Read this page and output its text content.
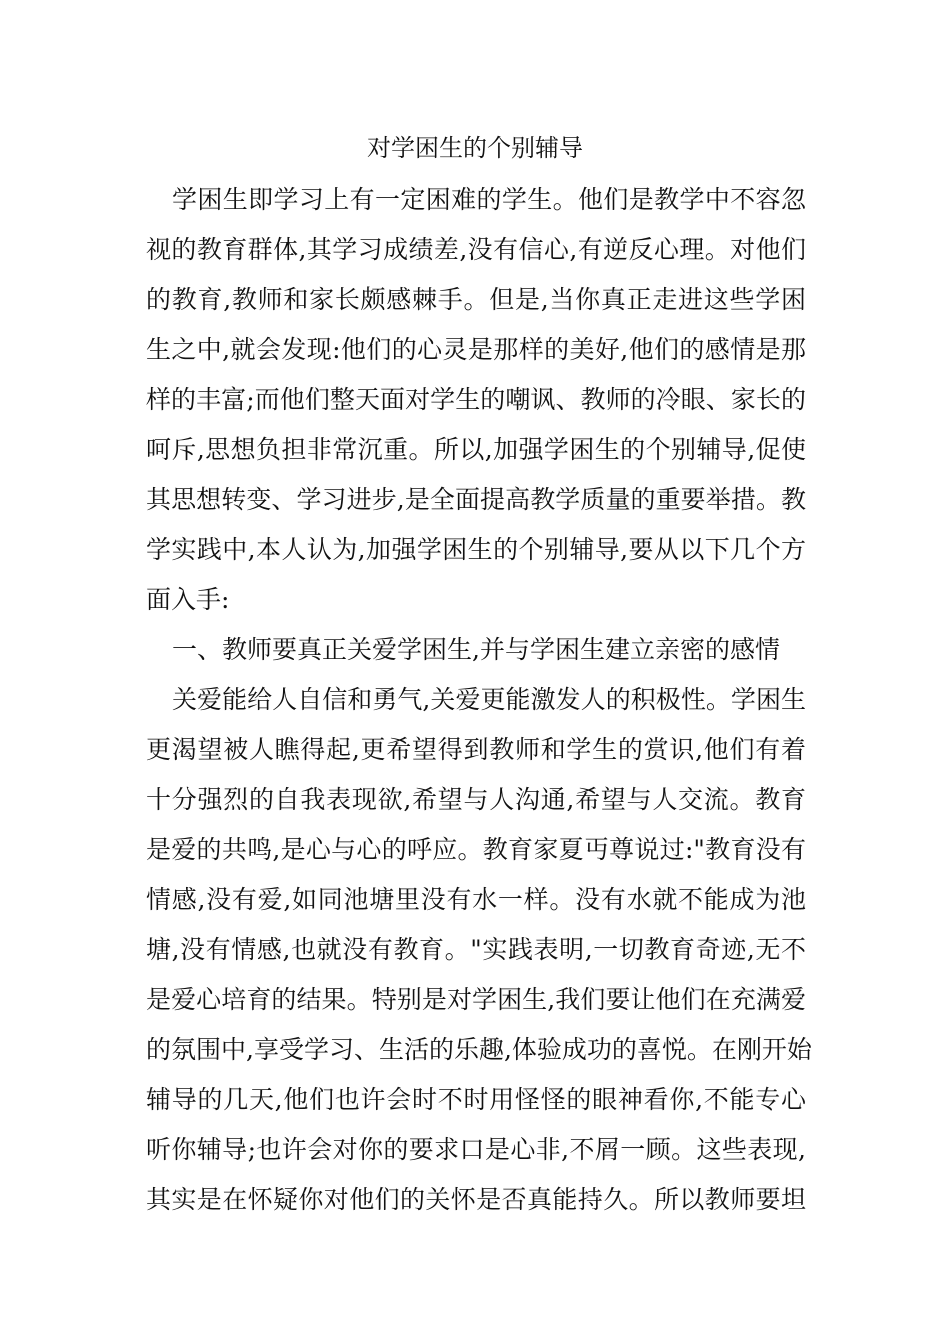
对学困生的个别辅导

学困生即学习上有一定困难的学生。他们是教学中不容忽

视的教育群体,其学习成绩差,没有信心,有逆反心理。对他们

的教育,教师和家长颇感棘手。但是,当你真正走进这些学困

生之中,就会发现:他们的心灵是那样的美好,他们的感情是那

样的丰富;而他们整天面对学生的嘲讽、教师的冷眼、家长的

呵斥,思想负担非常沉重。所以,加强学困生的个别辅导,促使

其思想转变、学习进步,是全面提高教学质量的重要举措。教

学实践中,本人认为,加强学困生的个别辅导,要从以下几个方

面入手:

一、教师要真正关爱学困生,并与学困生建立亲密的感情

关爱能给人自信和勇气,关爱更能激发人的积极性。学困生

更渴望被人瞧得起,更希望得到教师和学生的赏识,他们有着

十分强烈的自我表现欲,希望与人沟通,希望与人交流。教育

是爱的共鸣,是心与心的呼应。教育家夏丏尊说过:"教育没有

情感,没有爱,如同池塘里没有水一样。没有水就不能成为池

塘,没有情感,也就没有教育。"实践表明,一切教育奇迹,无不

是爱心培育的结果。特别是对学困生,我们要让他们在充满爱

的氛围中,享受学习、生活的乐趣,体验成功的喜悦。在刚开始

辅导的几天,他们也许会时不时用怪怪的眼神看你,不能专心

听你辅导;也许会对你的要求口是心非,不屑一顾。这些表现,

其实是在怀疑你对他们的关怀是否真能持久。所以教师要坦
